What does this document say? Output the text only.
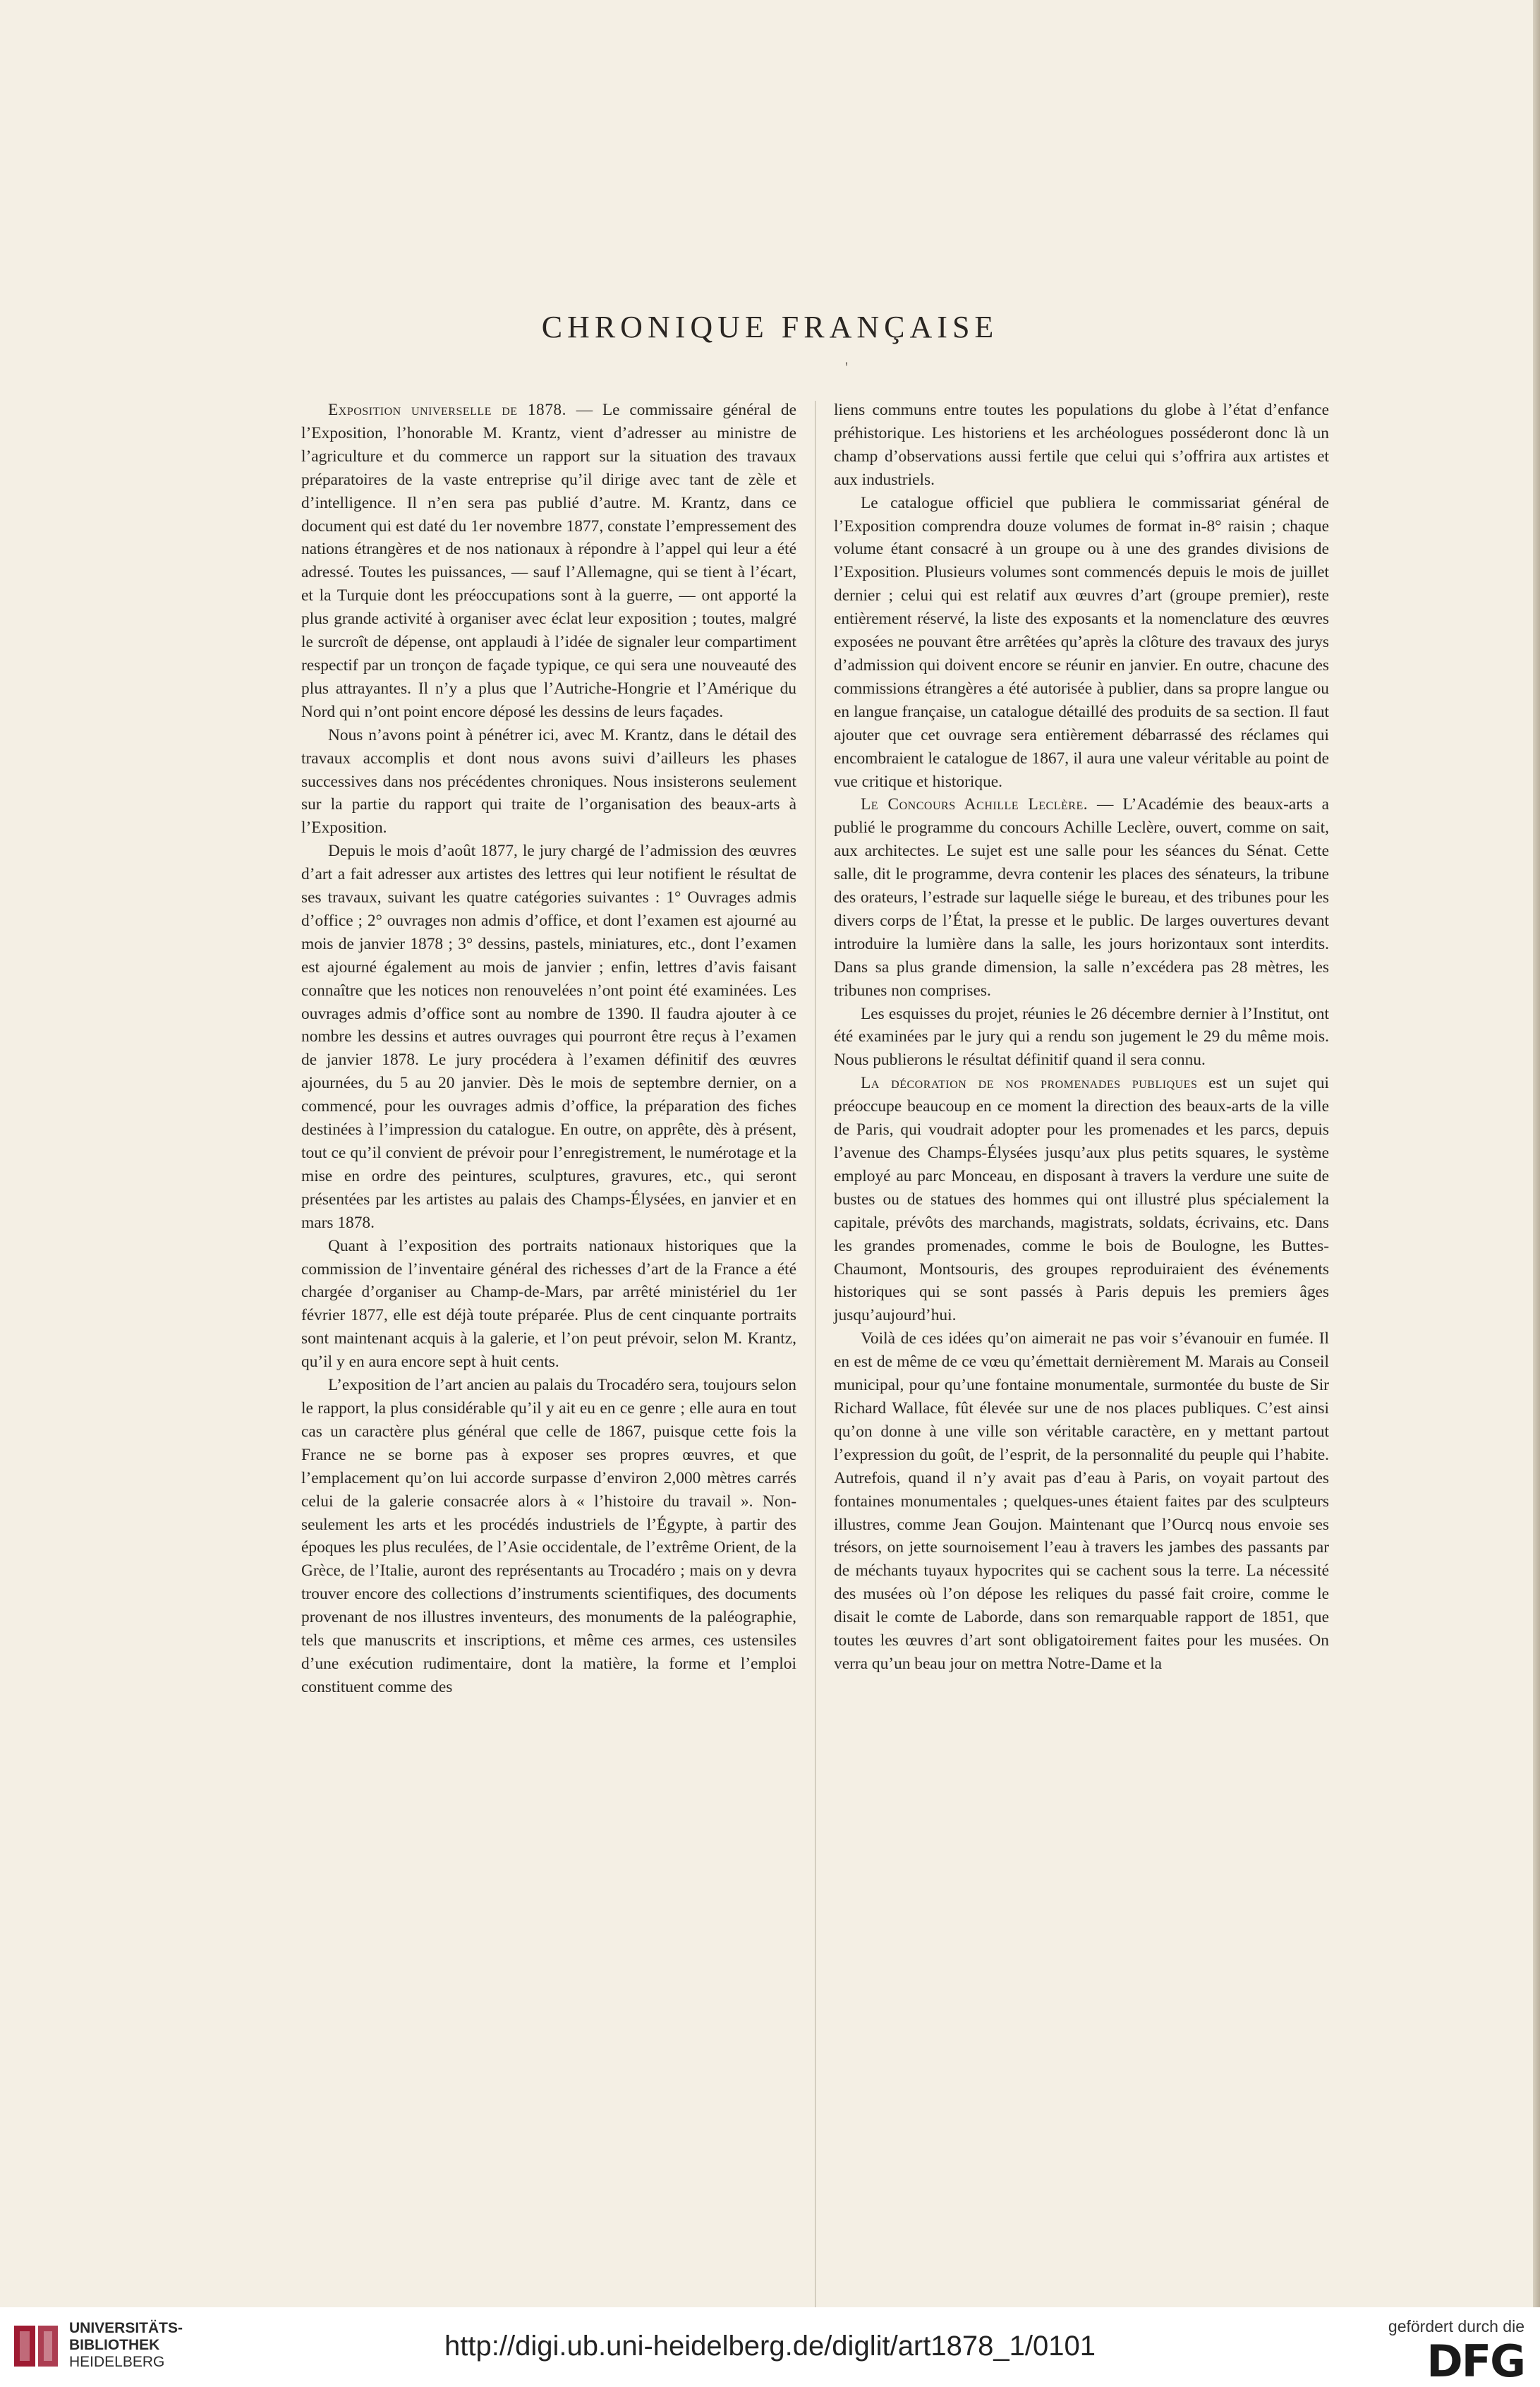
CHRONIQUE FRANÇAISE
'

Exposition universelle de 1878. — Le commissaire général de l’Exposition, l’honorable M. Krantz, vient d’adresser au ministre de l’agriculture et du commerce un rapport sur la situation des travaux préparatoires de la vaste entreprise qu’il dirige avec tant de zèle et d’intelligence. Il n’en sera pas publié d’autre. M. Krantz, dans ce document qui est daté du 1er novembre 1877, constate l’empressement des nations étrangères et de nos nationaux à répondre à l’appel qui leur a été adressé. Toutes les puissances, — sauf l’Allemagne, qui se tient à l’écart, et la Turquie dont les préoccupations sont à la guerre, — ont apporté la plus grande activité à organiser avec éclat leur exposition ; toutes, malgré le surcroît de dépense, ont applaudi à l’idée de signaler leur compartiment respectif par un tronçon de façade typique, ce qui sera une nouveauté des plus attrayantes. Il n’y a plus que l’Autriche-Hongrie et l’Amérique du Nord qui n’ont point encore déposé les dessins de leurs façades.

Nous n’avons point à pénétrer ici, avec M. Krantz, dans le détail des travaux accomplis et dont nous avons suivi d’ailleurs les phases successives dans nos précédentes chroniques. Nous insisterons seulement sur la partie du rapport qui traite de l’organisation des beaux-arts à l’Exposition.

Depuis le mois d’août 1877, le jury chargé de l’admission des œuvres d’art a fait adresser aux artistes des lettres qui leur notifient le résultat de ses travaux, suivant les quatre catégories suivantes : 1° Ouvrages admis d’office ; 2° ouvrages non admis d’office, et dont l’examen est ajourné au mois de janvier 1878 ; 3° dessins, pastels, miniatures, etc., dont l’examen est ajourné également au mois de janvier ; enfin, lettres d’avis faisant connaître que les notices non renouvelées n’ont point été examinées. Les ouvrages admis d’office sont au nombre de 1390. Il faudra ajouter à ce nombre les dessins et autres ouvrages qui pourront être reçus à l’examen de janvier 1878. Le jury procédera à l’examen définitif des œuvres ajournées, du 5 au 20 janvier. Dès le mois de septembre dernier, on a commencé, pour les ouvrages admis d’office, la préparation des fiches destinées à l’impression du catalogue. En outre, on apprête, dès à présent, tout ce qu’il convient de prévoir pour l’enregistrement, le numérotage et la mise en ordre des peintures, sculptures, gravures, etc., qui seront présentées par les artistes au palais des Champs-Élysées, en janvier et en mars 1878.

Quant à l’exposition des portraits nationaux historiques que la commission de l’inventaire général des richesses d’art de la France a été chargée d’organiser au Champ-de-Mars, par arrêté ministériel du 1er février 1877, elle est déjà toute préparée. Plus de cent cinquante portraits sont maintenant acquis à la galerie, et l’on peut prévoir, selon M. Krantz, qu’il y en aura encore sept à huit cents.

L’exposition de l’art ancien au palais du Trocadéro sera, toujours selon le rapport, la plus considérable qu’il y ait eu en ce genre ; elle aura en tout cas un caractère plus général que celle de 1867, puisque cette fois la France ne se borne pas à exposer ses propres œuvres, et que l’emplacement qu’on lui accorde surpasse d’environ 2,000 mètres carrés celui de la galerie consacrée alors à « l’histoire du travail ». Non-seulement les arts et les procédés industriels de l’Égypte, à partir des époques les plus reculées, de l’Asie occidentale, de l’extrême Orient, de la Grèce, de l’Italie, auront des représentants au Trocadéro ; mais on y devra trouver encore des collections d’instruments scientifiques, des documents provenant de nos illustres inventeurs, des monuments de la paléographie, tels que manuscrits et inscriptions, et même ces armes, ces ustensiles d’une exécution rudimentaire, dont la matière, la forme et l’emploi constituent comme des

liens communs entre toutes les populations du globe à l’état d’enfance préhistorique. Les historiens et les archéologues posséderont donc là un champ d’observations aussi fertile que celui qui s’offrira aux artistes et aux industriels.

Le catalogue officiel que publiera le commissariat général de l’Exposition comprendra douze volumes de format in-8° raisin ; chaque volume étant consacré à un groupe ou à une des grandes divisions de l’Exposition. Plusieurs volumes sont commencés depuis le mois de juillet dernier ; celui qui est relatif aux œuvres d’art (groupe premier), reste entièrement réservé, la liste des exposants et la nomenclature des œuvres exposées ne pouvant être arrêtées qu’après la clôture des travaux des jurys d’admission qui doivent encore se réunir en janvier. En outre, chacune des commissions étrangères a été autorisée à publier, dans sa propre langue ou en langue française, un catalogue détaillé des produits de sa section. Il faut ajouter que cet ouvrage sera entièrement débarrassé des réclames qui encombraient le catalogue de 1867, il aura une valeur véritable au point de vue critique et historique.

Le Concours Achille Leclère. — L’Académie des beaux-arts a publié le programme du concours Achille Leclère, ouvert, comme on sait, aux architectes. Le sujet est une salle pour les séances du Sénat. Cette salle, dit le programme, devra contenir les places des sénateurs, la tribune des orateurs, l’estrade sur laquelle siége le bureau, et des tribunes pour les divers corps de l’État, la presse et le public. De larges ouvertures devant introduire la lumière dans la salle, les jours horizontaux sont interdits. Dans sa plus grande dimension, la salle n’excédera pas 28 mètres, les tribunes non comprises.

Les esquisses du projet, réunies le 26 décembre dernier à l’Institut, ont été examinées par le jury qui a rendu son jugement le 29 du même mois. Nous publierons le résultat définitif quand il sera connu.

La décoration de nos promenades publiques est un sujet qui préoccupe beaucoup en ce moment la direction des beaux-arts de la ville de Paris, qui voudrait adopter pour les promenades et les parcs, depuis l’avenue des Champs-Élysées jusqu’aux plus petits squares, le système employé au parc Monceau, en disposant à travers la verdure une suite de bustes ou de statues des hommes qui ont illustré plus spécialement la capitale, prévôts des marchands, magistrats, soldats, écrivains, etc. Dans les grandes promenades, comme le bois de Boulogne, les Buttes-Chaumont, Montsouris, des groupes reproduiraient des événements historiques qui se sont passés à Paris depuis les premiers âges jusqu’aujourd’hui.

Voilà de ces idées qu’on aimerait ne pas voir s’évanouir en fumée. Il en est de même de ce vœu qu’émettait dernièrement M. Marais au Conseil municipal, pour qu’une fontaine monumentale, surmontée du buste de Sir Richard Wallace, fût élevée sur une de nos places publiques. C’est ainsi qu’on donne à une ville son véritable caractère, en y mettant partout l’expression du goût, de l’esprit, de la personnalité du peuple qui l’habite. Autrefois, quand il n’y avait pas d’eau à Paris, on voyait partout des fontaines monumentales ; quelques-unes étaient faites par des sculpteurs illustres, comme Jean Goujon. Maintenant que l’Ourcq nous envoie ses trésors, on jette sournoisement l’eau à travers les jambes des passants par de méchants tuyaux hypocrites qui se cachent sous la terre. La nécessité des musées où l’on dépose les reliques du passé fait croire, comme le disait le comte de Laborde, dans son remarquable rapport de 1851, que toutes les œuvres d’art sont obligatoirement faites pour les musées. On verra qu’un beau jour on mettra Notre-Dame et la

UNIVERSITÄTS-
BIBLIOTHEK
HEIDELBERG
http://digi.ub.uni-heidelberg.de/diglit/art1878_1/0101
gefördert durch die
DFG
